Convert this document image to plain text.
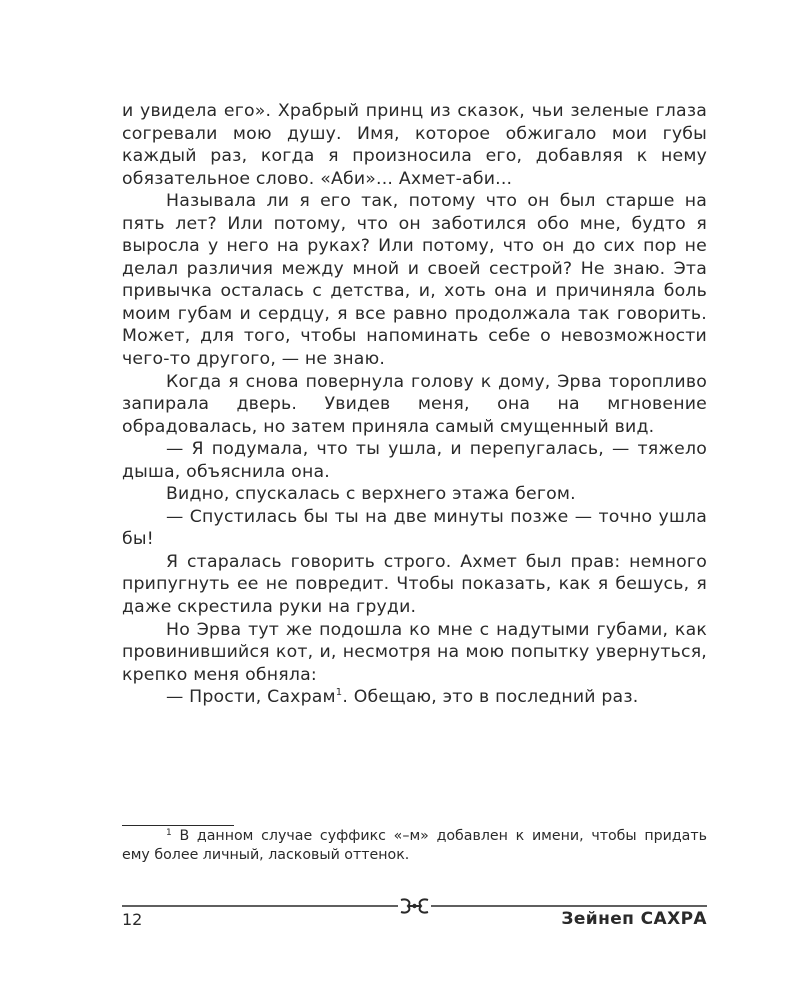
и увидела его». Храбрый принц из сказок, чьи зеленые глаза согревали мою душу. Имя, которое обжигало мои губы каждый раз, когда я произносила его, добавляя к нему обязательное слово. «Аби»... Ахмет-аби...

Называла ли я его так, потому что он был старше на пять лет? Или потому, что он заботился обо мне, будто я выросла у него на руках? Или потому, что он до сих пор не делал различия между мной и своей сестрой? Не знаю. Эта привычка осталась с детства, и, хоть она и причиняла боль моим губам и сердцу, я все равно продолжала так говорить. Может, для того, чтобы напоминать себе о невозможности чего-то другого, — не знаю.

Когда я снова повернула голову к дому, Эрва торопливо запирала дверь. Увидев меня, она на мгновение обрадовалась, но затем приняла самый смущенный вид.

— Я подумала, что ты ушла, и перепугалась, — тяжело дыша, объяснила она.

Видно, спускалась с верхнего этажа бегом.

— Спустилась бы ты на две минуты позже — точно ушла бы!

Я старалась говорить строго. Ахмет был прав: немного припугнуть ее не повредит. Чтобы показать, как я бешусь, я даже скрестила руки на груди.

Но Эрва тут же подошла ко мне с надутыми губами, как провинившийся кот, и, несмотря на мою попытку увернуться, крепко меня обняла:

— Прости, Сахрам$^1$. Обещаю, это в последний раз.

$^1$ В данном случае суффикс «–м» добавлен к имени, чтобы придать ему более личный, ласковый оттенок.

12	Зейнеп САХРА
